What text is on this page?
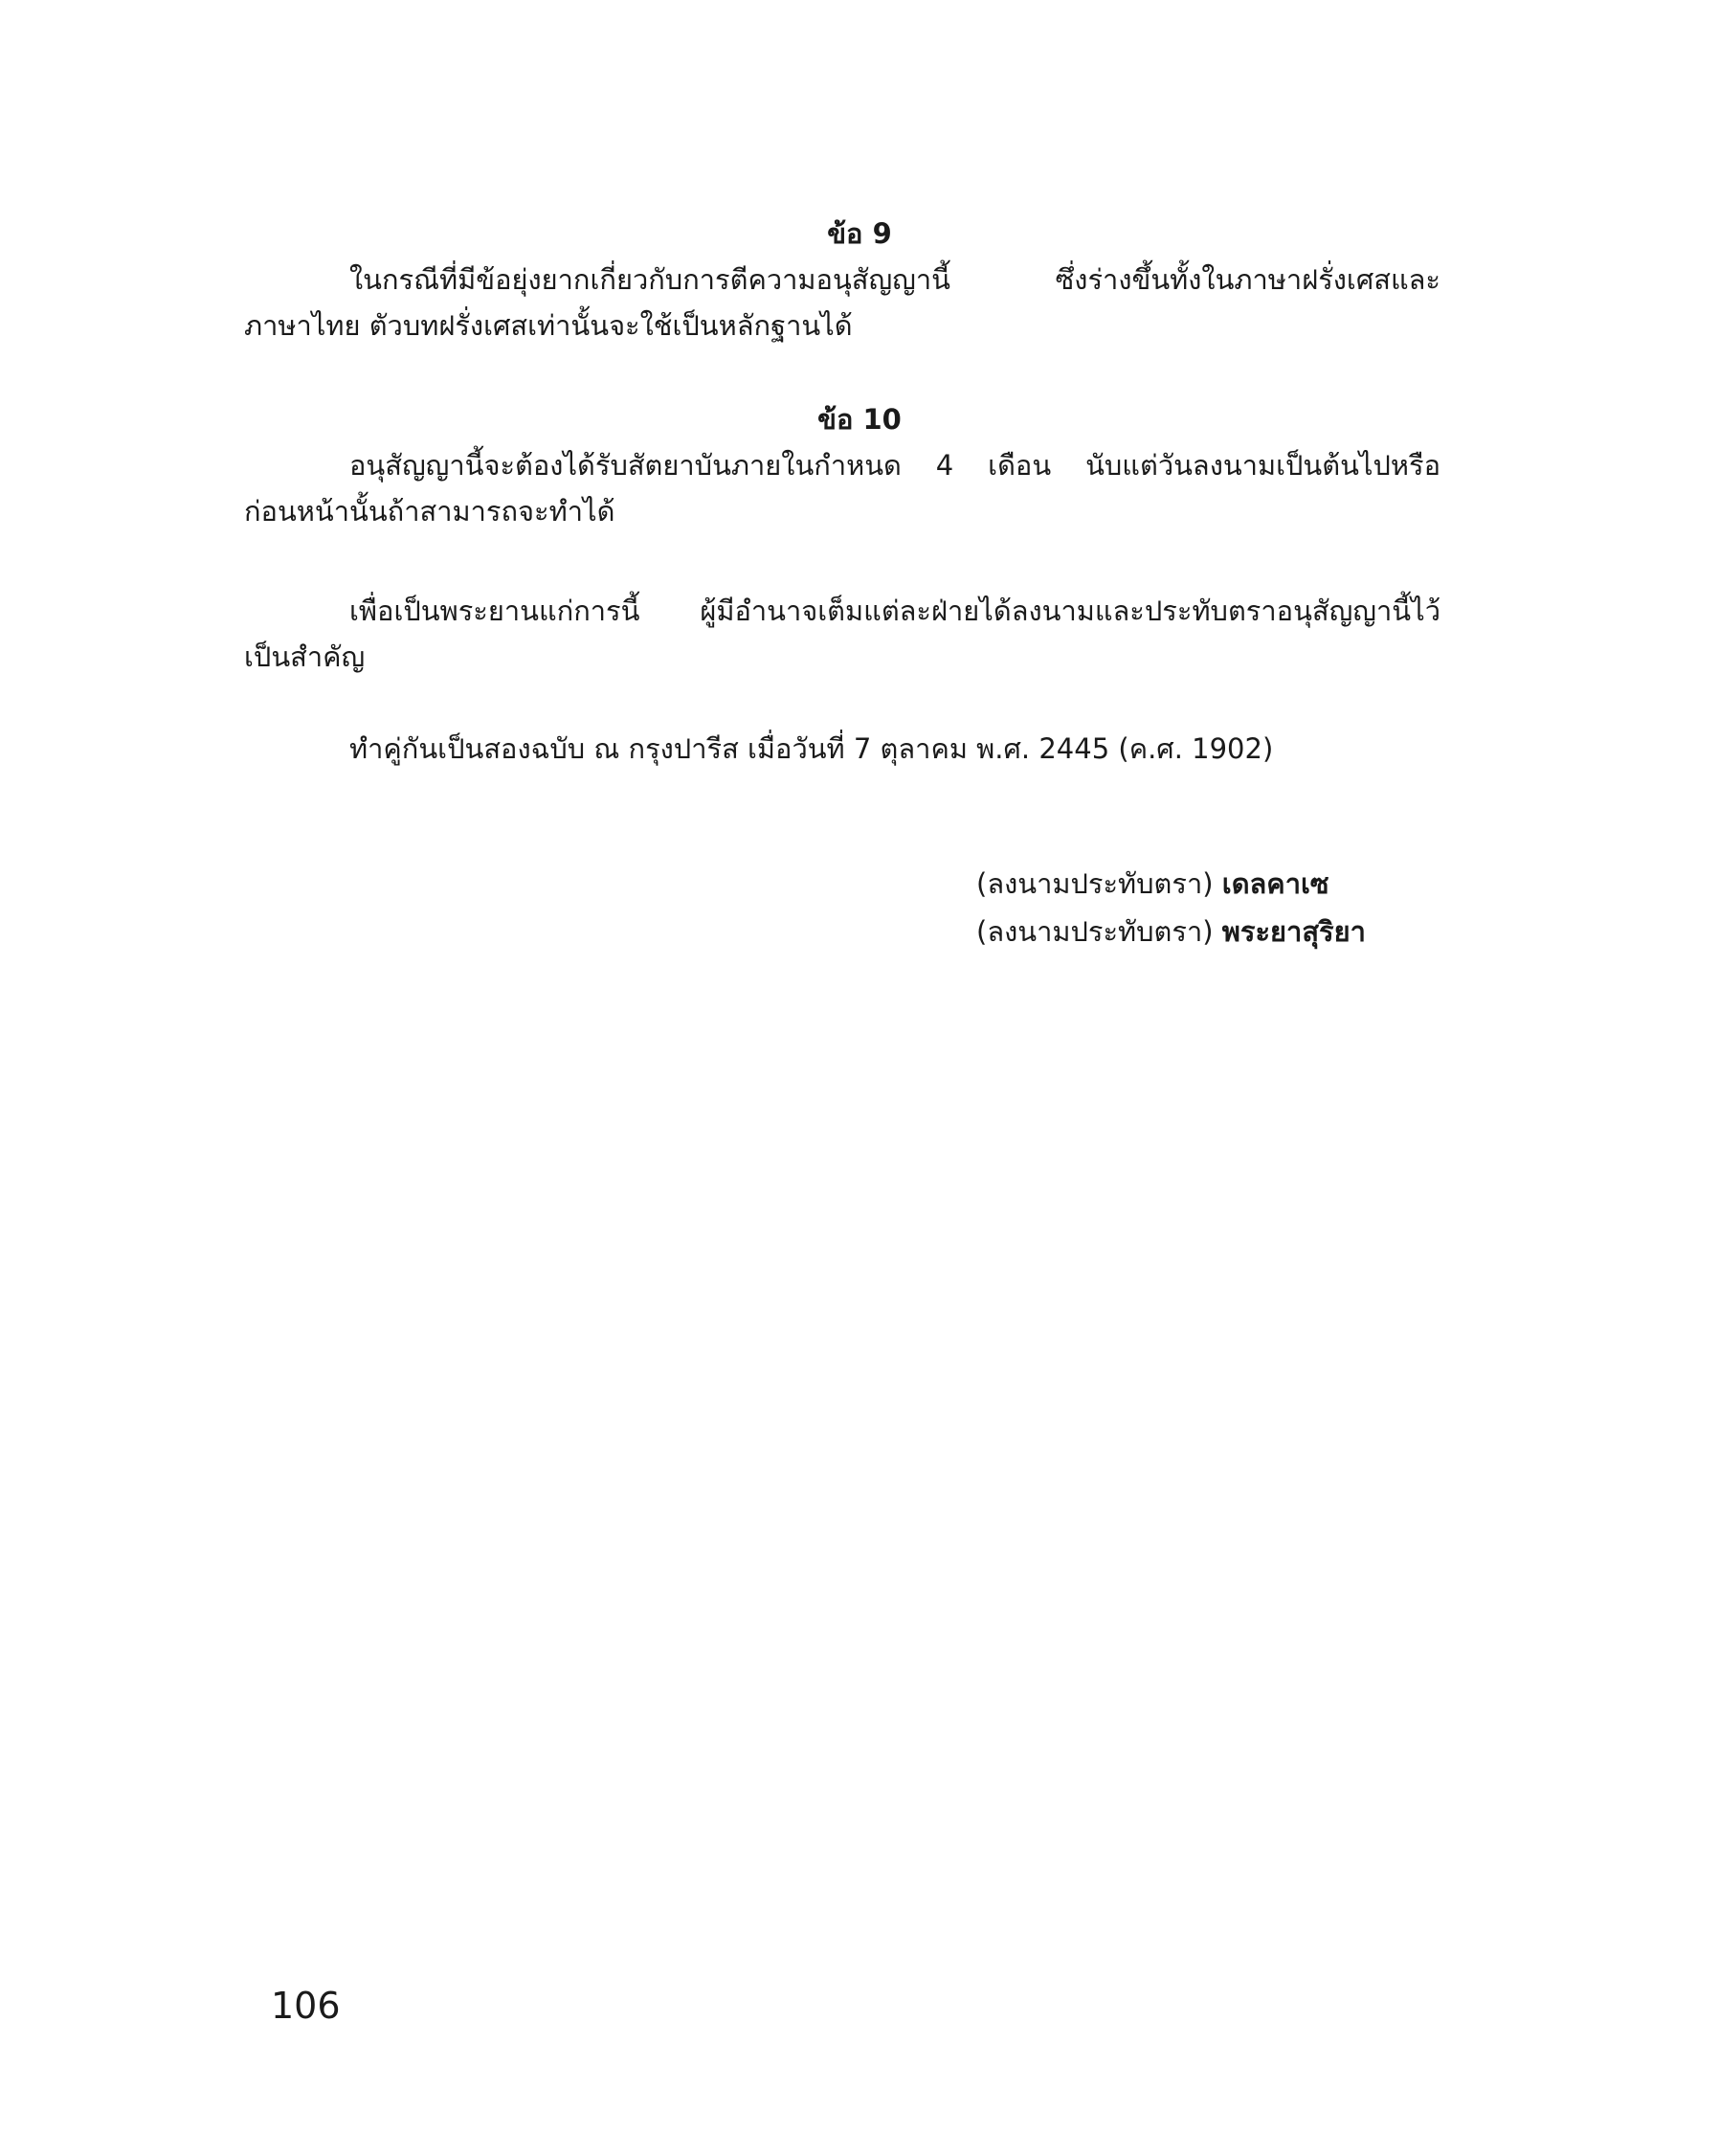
ข้อ 9
ในกรณีที่มีข้อยุ่งยากเกี่ยวกับการตีความอนุสัญญานี้ ซึ่งร่างขึ้นทั้งในภาษาฝรั่งเศสและ
ภาษาไทย ตัวบทฝรั่งเศสเท่านั้นจะใช้เป็นหลักฐานได้
ข้อ 10
อนุสัญญานี้จะต้องได้รับสัตยาบันภายในกำหนด 4 เดือน นับแต่วันลงนามเป็นต้นไปหรือ
ก่อนหน้านั้นถ้าสามารถจะทำได้
เพื่อเป็นพระยานแก่การนี้ ผู้มีอำนาจเต็มแต่ละฝ่ายได้ลงนามและประทับตราอนุสัญญานี้ไว้
เป็นสำคัญ
ทำคู่กันเป็นสองฉบับ ณ กรุงปารีส เมื่อวันที่ 7 ตุลาคม พ.ศ. 2445 (ค.ศ. 1902)
(ลงนามประทับตรา) เดลคาเซ
(ลงนามประทับตรา) พระยาสุริยา
106
